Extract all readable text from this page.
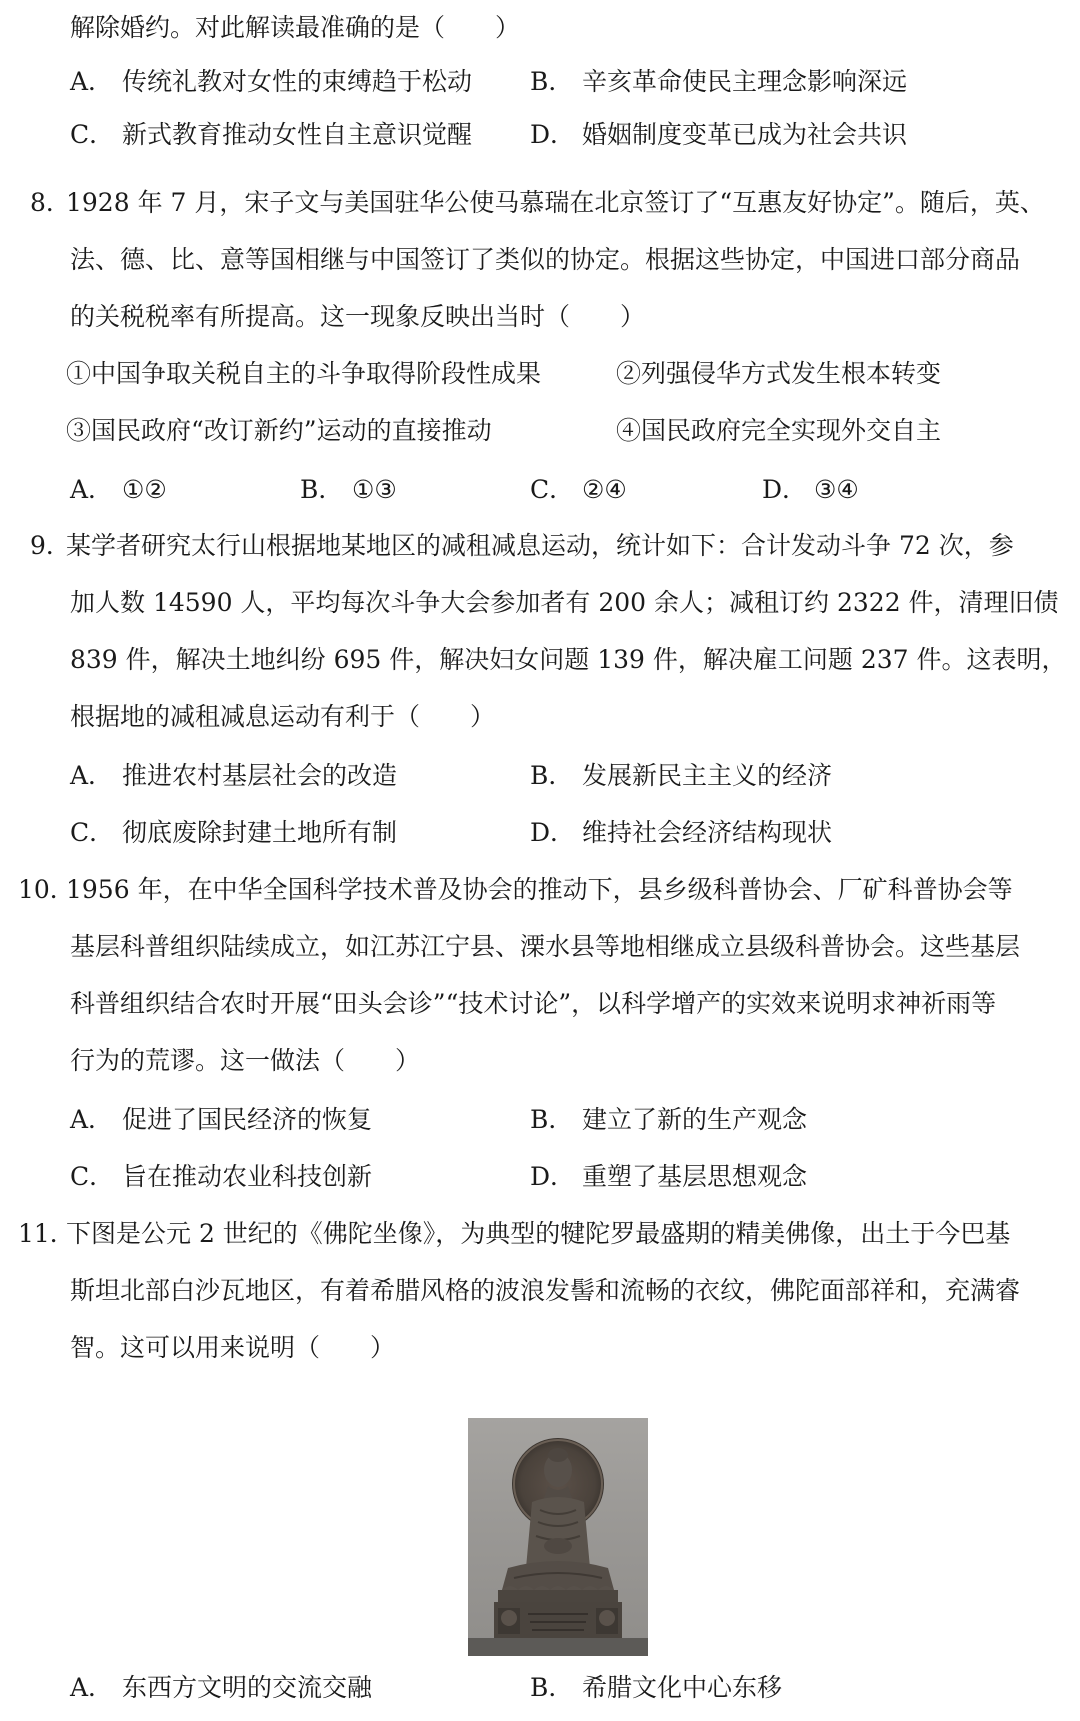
解除婚约。对此解读最准确的是（　　）
A． 传统礼教对女性的束缚趋于松动 B． 辛亥革命使民主理念影响深远
C． 新式教育推动女性自主意识觉醒 D． 婚姻制度变革已成为社会共识
8．
1928 年 7 月，宋子文与美国驻华公使马慕瑞在北京签订了“互惠友好协定”。随后，英、
法、德、比、意等国相继与中国签订了类似的协定。根据这些协定，中国进口部分商品
的关税税率有所提高。这一现象反映出当时（　　）
①中国争取关税自主的斗争取得阶段性成果	②列强侵华方式发生根本转变
③国民政府“改订新约”运动的直接推动	④国民政府完全实现外交自主
A． ①②	B． ①③	C． ②④	D． ③④
9．
某学者研究太行山根据地某地区的减租减息运动，统计如下：合计发动斗争 72 次，参
加人数 14590 人，平均每次斗争大会参加者有 200 余人；减租订约 2322 件，清理旧债
839 件，解决土地纠纷 695 件，解决妇女问题 139 件，解决雇工问题 237 件。这表明，
根据地的减租减息运动有利于（　　）
A． 推进农村基层社会的改造	B． 发展新民主主义的经济
C． 彻底废除封建土地所有制	D． 维持社会经济结构现状
10．
1956 年，在中华全国科学技术普及协会的推动下，县乡级科普协会、厂矿科普协会等
基层科普组织陆续成立，如江苏江宁县、溧水县等地相继成立县级科普协会。这些基层
科普组织结合农时开展“田头会诊”“技术讨论”，以科学增产的实效来说明求神祈雨等
行为的荒谬。这一做法（　　）
A． 促进了国民经济的恢复	B． 建立了新的生产观念
C． 旨在推动农业科技创新	D． 重塑了基层思想观念
11．
下图是公元 2 世纪的《佛陀坐像》，为典型的犍陀罗最盛期的精美佛像，出土于今巴基
斯坦北部白沙瓦地区，有着希腊风格的波浪发髻和流畅的衣纹，佛陀面部祥和，充满睿
智。这可以用来说明（　　）
A． 东西方文明的交流交融	B． 希腊文化中心东移
